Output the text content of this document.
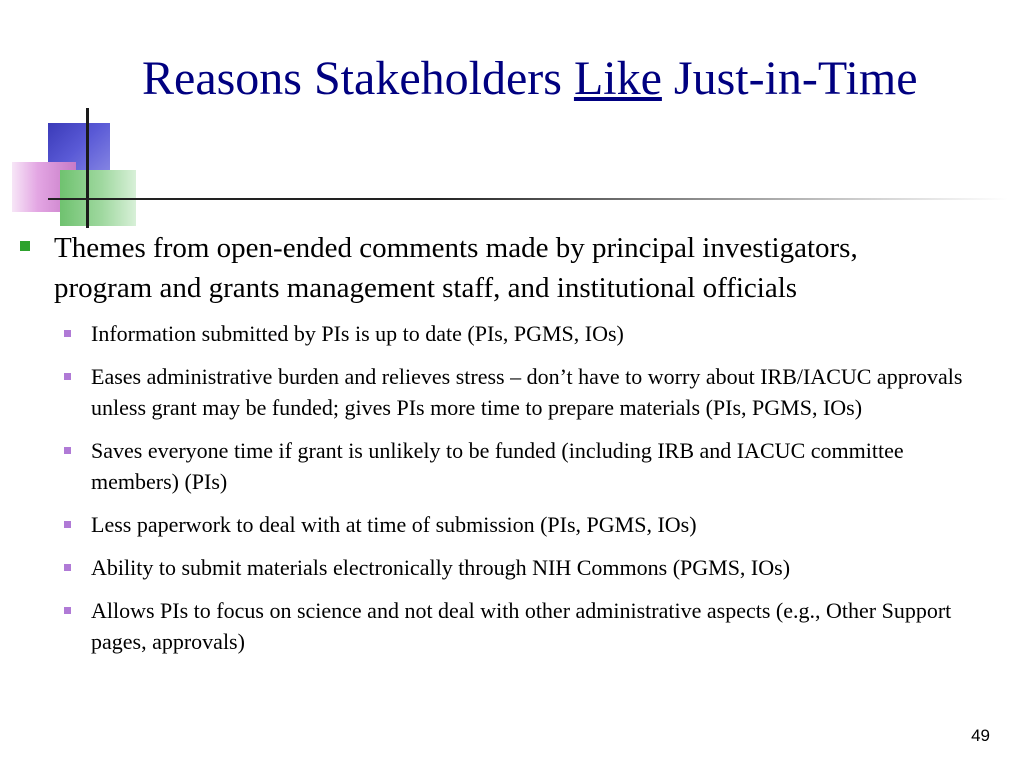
Reasons Stakeholders Like Just-in-Time
Themes from open-ended comments made by principal investigators, program and grants management staff, and institutional officials
Information submitted by PIs is up to date (PIs, PGMS, IOs)
Eases administrative burden and relieves stress – don’t have to worry about IRB/IACUC approvals unless grant may be funded; gives PIs more time to prepare materials (PIs, PGMS, IOs)
Saves everyone time if grant is unlikely to be funded (including IRB and IACUC committee members) (PIs)
Less paperwork to deal with at time of submission (PIs, PGMS, IOs)
Ability to submit materials electronically through NIH Commons (PGMS, IOs)
Allows PIs to focus on science and not deal with other administrative aspects (e.g., Other Support pages, approvals)
49
